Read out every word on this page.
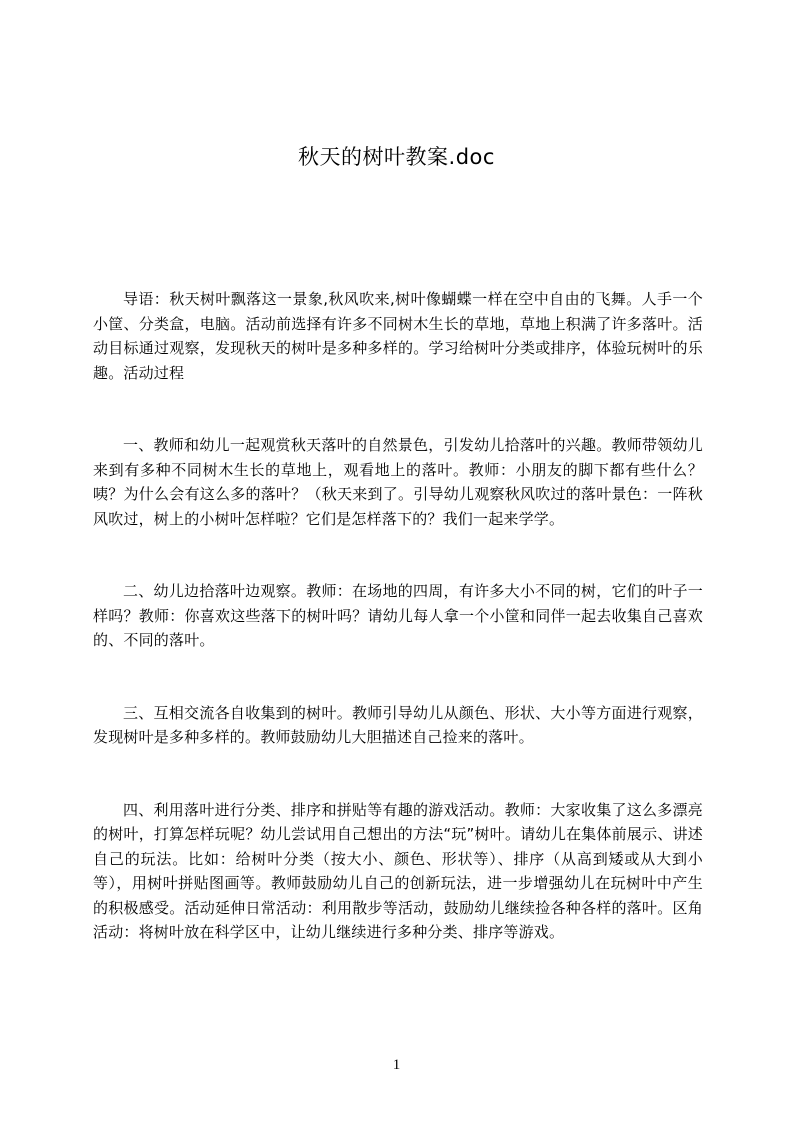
秋天的树叶教案.doc

导语：秋天树叶飘落这一景象,秋风吹来,树叶像蝴蝶一样在空中自由的飞舞。人手一个小筐、分类盒，电脑。活动前选择有许多不同树木生长的草地，草地上积满了许多落叶。活动目标通过观察，发现秋天的树叶是多种多样的。学习给树叶分类或排序，体验玩树叶的乐趣。活动过程

一、教师和幼儿一起观赏秋天落叶的自然景色，引发幼儿拾落叶的兴趣。教师带领幼儿来到有多种不同树木生长的草地上，观看地上的落叶。教师：小朋友的脚下都有些什么？咦？为什么会有这么多的落叶？（秋天来到了。引导幼儿观察秋风吹过的落叶景色：一阵秋风吹过，树上的小树叶怎样啦？它们是怎样落下的？我们一起来学学。

二、幼儿边拾落叶边观察。教师：在场地的四周，有许多大小不同的树，它们的叶子一样吗？教师：你喜欢这些落下的树叶吗？请幼儿每人拿一个小筐和同伴一起去收集自己喜欢的、不同的落叶。

三、互相交流各自收集到的树叶。教师引导幼儿从颜色、形状、大小等方面进行观察，发现树叶是多种多样的。教师鼓励幼儿大胆描述自己捡来的落叶。

四、利用落叶进行分类、排序和拼贴等有趣的游戏活动。教师：大家收集了这么多漂亮的树叶，打算怎样玩呢？幼儿尝试用自己想出的方法“玩”树叶。请幼儿在集体前展示、讲述自己的玩法。比如：给树叶分类（按大小、颜色、形状等）、排序（从高到矮或从大到小等），用树叶拼贴图画等。教师鼓励幼儿自己的创新玩法，进一步增强幼儿在玩树叶中产生的积极感受。活动延伸日常活动：利用散步等活动，鼓励幼儿继续捡各种各样的落叶。区角活动：将树叶放在科学区中，让幼儿继续进行多种分类、排序等游戏。

1
